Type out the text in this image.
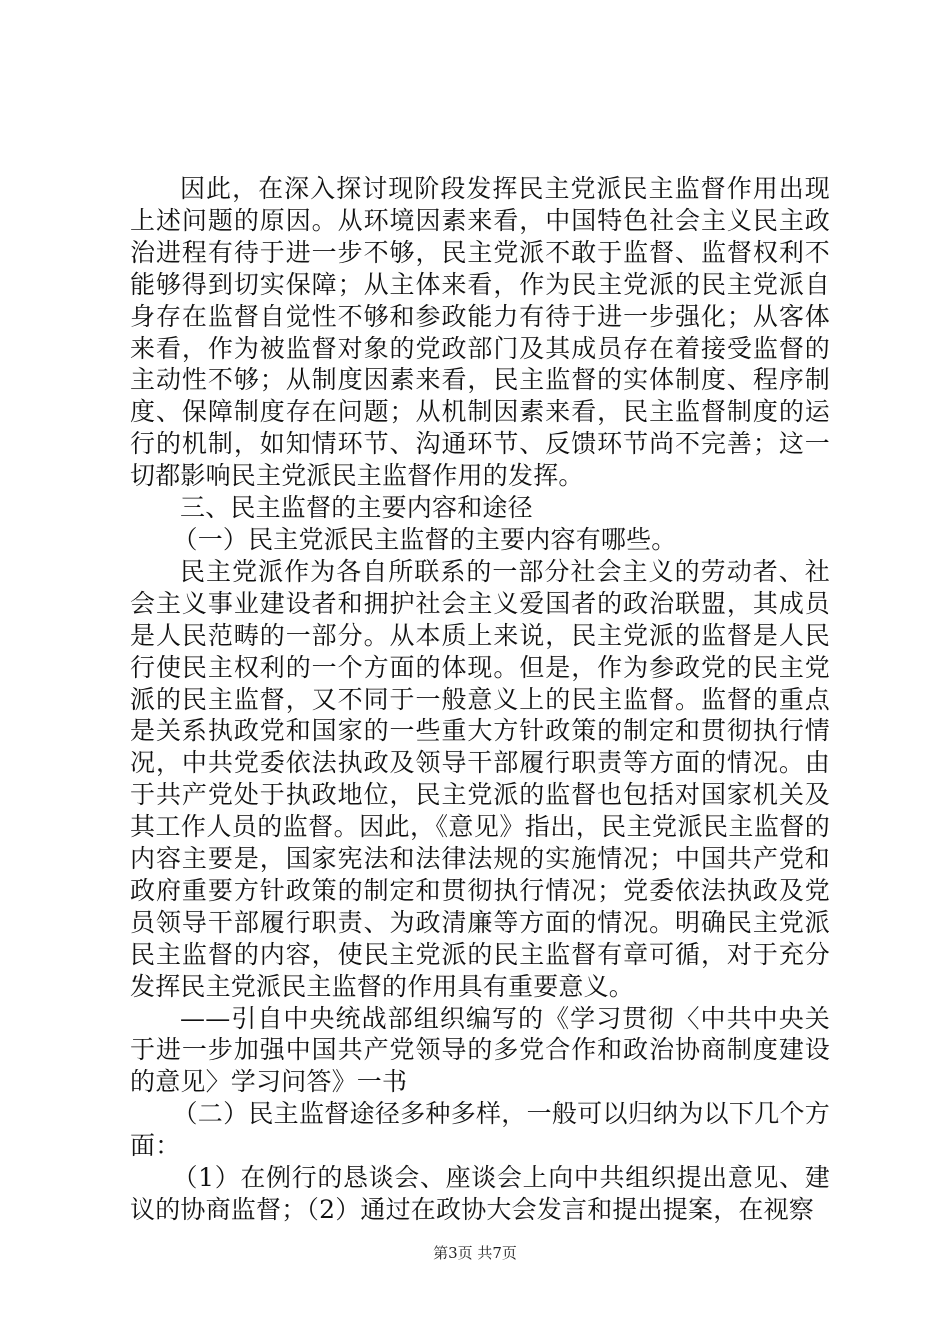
因此，在深入探讨现阶段发挥民主党派民主监督作用出现上述问题的原因。从环境因素来看，中国特色社会主义民主政治进程有待于进一步不够，民主党派不敢于监督、监督权利不能够得到切实保障；从主体来看，作为民主党派的民主党派自身存在监督自觉性不够和参政能力有待于进一步强化；从客体来看，作为被监督对象的党政部门及其成员存在着接受监督的主动性不够；从制度因素来看，民主监督的实体制度、程序制度、保障制度存在问题；从机制因素来看，民主监督制度的运行的机制，如知情环节、沟通环节、反馈环节尚不完善；这一切都影响民主党派民主监督作用的发挥。

三、民主监督的主要内容和途径

（一）民主党派民主监督的主要内容有哪些。

民主党派作为各自所联系的一部分社会主义的劳动者、社会主义事业建设者和拥护社会主义爱国者的政治联盟，其成员是人民范畴的一部分。从本质上来说，民主党派的监督是人民行使民主权利的一个方面的体现。但是，作为参政党的民主党派的民主监督，又不同于一般意义上的民主监督。监督的重点是关系执政党和国家的一些重大方针政策的制定和贯彻执行情况，中共党委依法执政及领导干部履行职责等方面的情况。由于共产党处于执政地位，民主党派的监督也包括对国家机关及其工作人员的监督。因此，《意见》指出，民主党派民主监督的内容主要是，国家宪法和法律法规的实施情况；中国共产党和政府重要方针政策的制定和贯彻执行情况；党委依法执政及党员领导干部履行职责、为政清廉等方面的情况。明确民主党派民主监督的内容，使民主党派的民主监督有章可循，对于充分发挥民主党派民主监督的作用具有重要意义。

——引自中央统战部组织编写的《学习贯彻〈中共中央关于进一步加强中国共产党领导的多党合作和政治协商制度建设的意见〉学习问答》一书

（二）民主监督途径多种多样，一般可以归纳为以下几个方面：

（1）在例行的恳谈会、座谈会上向中共组织提出意见、建议的协商监督；（2）通过在政协大会发言和提出提案，在视察

第3页 共7页
